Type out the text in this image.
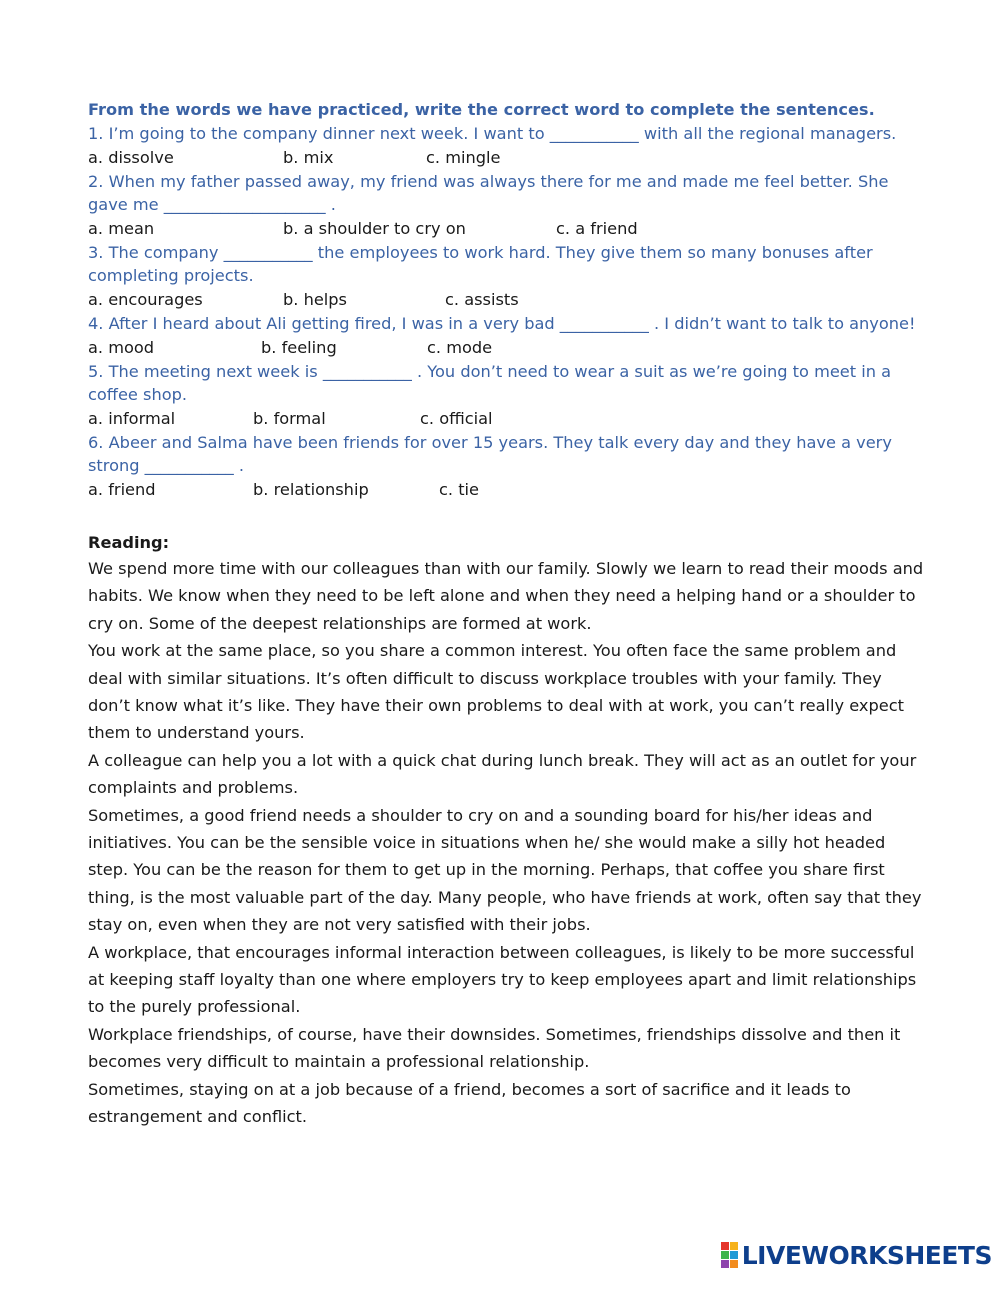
From the words we have practiced, write the correct word to complete the sentences.

1. I’m going to the company dinner next week. I want to ___________ with all the regional managers.

a. dissolve	b. mix	c. mingle

2. When my father passed away, my friend was always there for me and made me feel better. She gave me ____________________ .

a. mean	b. a shoulder to cry on	c. a friend

3. The company ___________ the employees to work hard. They give them so many bonuses after completing projects.

a. encourages	b. helps	c. assists

4. After I heard about Ali getting fired, I was in a very bad ___________ . I didn’t want to talk to anyone!

a. mood	b. feeling	c. mode

5. The meeting next week is ___________ . You don’t need to wear a suit as we’re going to meet in a coffee shop.

a. informal	b. formal	c. official

6. Abeer and Salma have been friends for over 15 years. They talk every day and they have a very strong ___________ .

a. friend	b. relationship	c. tie
Reading:

We spend more time with our colleagues than with our family. Slowly we learn to read their moods and habits. We know when they need to be left alone and when they need a helping hand or a shoulder to cry on. Some of the deepest relationships are formed at work.

You work at the same place, so you share a common interest. You often face the same problem and deal with similar situations. It’s often difficult to discuss workplace troubles with your family. They don’t know what it’s like. They have their own problems to deal with at work, you can’t really expect them to understand yours.

A colleague can help you a lot with a quick chat during lunch break. They will act as an outlet for your complaints and problems.

Sometimes, a good friend needs a shoulder to cry on and a sounding board for his/her ideas and initiatives. You can be the sensible voice in situations when he/ she would make a silly hot headed step. You can be the reason for them to get up in the morning. Perhaps, that coffee you share first thing, is the most valuable part of the day. Many people, who have friends at work, often say that they stay on, even when they are not very satisfied with their jobs.

A workplace, that encourages informal interaction between colleagues, is likely to be more successful at keeping staff loyalty than one where employers try to keep employees apart and limit relationships to the purely professional.

Workplace friendships, of course, have their downsides. Sometimes, friendships dissolve and then it becomes very difficult to maintain a professional relationship.

Sometimes, staying on at a job because of a friend, becomes a sort of sacrifice and it leads to estrangement and conflict.

LIVEWORKSHEETS
